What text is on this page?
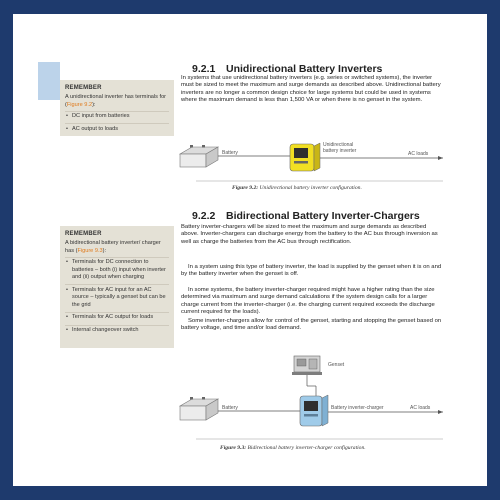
REMEMBER

A unidirectional inverter has terminals for (Figure 9.2):

• DC input from batteries
• AC output to loads
9.2.1 Unidirectional Battery Inverters

In systems that use unidirectional battery inverters (e.g. series or switched systems), the inverter must be sized to meet the maximum and surge demands as described above. Unidirectional battery inverters are no longer a common design choice for large systems but could be used in systems where the maximum demand is less than 1,500 VA or when there is no genset in the system.

Battery
Unidirectional
battery inverter	AC loads
Figure 9.2: Unidirectional battery inverter configuration.
REMEMBER

A bidirectional battery inverter/ charger has (Figure 9.3):

• Terminals for DC connection to batteries – both (i) input when inverter and (ii) output when charging
• Terminals for AC input for an AC source – typically a genset but can be the grid
• Terminals for AC output for loads
• Internal changeover switch
9.2.2 Bidirectional Battery Inverter-Chargers

Battery inverter-chargers will be sized to meet the maximum and surge demands as described above. Inverter-chargers can discharge energy from the battery to the AC bus through inversion as well as charge the batteries from the AC bus through rectification.

In a system using this type of battery inverter, the load is supplied by the genset when it is on and by the battery inverter when the genset is off.

In some systems, the battery inverter-charger required might have a higher rating than the size determined via maximum and surge demand calculations if the system design calls for a larger charge current from the inverter-charger (i.e. the charging current required exceeds the discharge current required for the loads).

Some inverter-chargers allow for control of the genset, starting and stopping the genset based on battery voltage, and time and/or load demand.

Genset
Battery	Battery inverter-charger	AC loads
Figure 9.3: Bidirectional battery inverter-charger configuration.
